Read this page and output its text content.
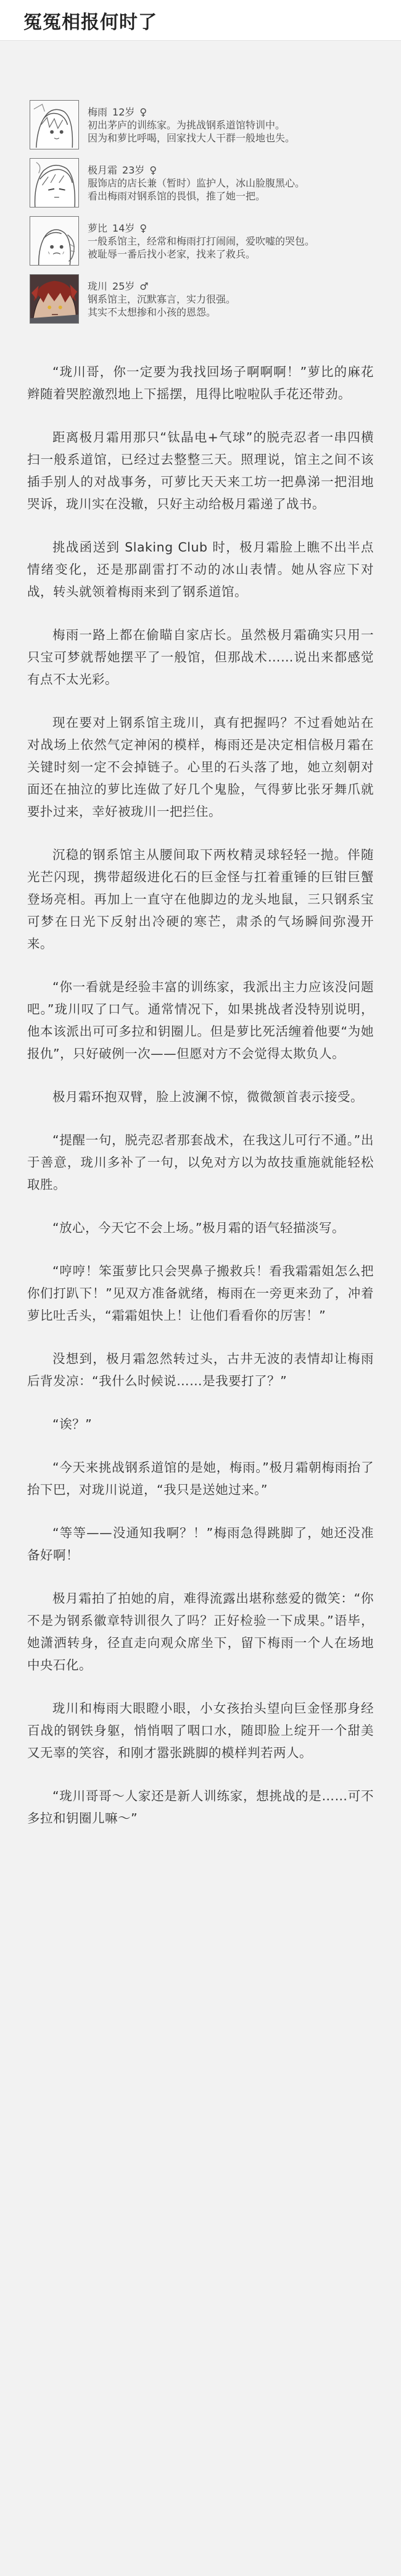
冤冤相报何时了
梅雨 12岁 ♀
初出茅庐的训练家。为挑战钢系道馆特训中。
因为和萝比呼喝，回家找大人干群一般地也失。
极月霜 23岁 ♀
服饰店的店长兼（暂时）监护人，冰山脸腹黑心。
看出梅雨对钢系馆的畏惧，推了她一把。
萝比 14岁 ♀
一般系馆主，经常和梅雨打打闹闹，爱吹嘘的哭包。
被耻辱一番后找小老家，找来了救兵。
珑川 25岁 ♂
钢系馆主，沉默寡言，实力很强。
其实不太想掺和小孩的恩怨。

“珑川哥，你一定要为我找回场子啊啊啊！”萝比的麻花辫随着哭腔激烈地上下摇摆，甩得比啦啦队手花还带劲。

距离极月霜用那只“钛晶电+气球”的脱壳忍者一串四横扫一般系道馆，已经过去整整三天。照理说，馆主之间不该插手别人的对战事务，可萝比天天来工坊一把鼻涕一把泪地哭诉，珑川实在没辙，只好主动给极月霜递了战书。

挑战函送到 Slaking Club 时，极月霜脸上瞧不出半点情绪变化，还是那副雷打不动的冰山表情。她从容应下对战，转头就领着梅雨来到了钢系道馆。

梅雨一路上都在偷瞄自家店长。虽然极月霜确实只用一只宝可梦就帮她摆平了一般馆，但那战术……说出来都感觉有点不太光彩。

现在要对上钢系馆主珑川，真有把握吗？不过看她站在对战场上依然气定神闲的模样，梅雨还是决定相信极月霜在关键时刻一定不会掉链子。心里的石头落了地，她立刻朝对面还在抽泣的萝比连做了好几个鬼脸，气得萝比张牙舞爪就要扑过来，幸好被珑川一把拦住。

沉稳的钢系馆主从腰间取下两枚精灵球轻轻一抛。伴随光芒闪现，携带超级进化石的巨金怪与扛着重锤的巨钳巨蟹登场亮相。再加上一直守在他脚边的龙头地鼠，三只钢系宝可梦在日光下反射出冷硬的寒芒，肃杀的气场瞬间弥漫开来。

“你一看就是经验丰富的训练家，我派出主力应该没问题吧。”珑川叹了口气。通常情况下，如果挑战者没特别说明，他本该派出可可多拉和钥圈儿。但是萝比死活缠着他要“为她报仇”，只好破例一次——但愿对方不会觉得太欺负人。

极月霜环抱双臂，脸上波澜不惊，微微颔首表示接受。

“提醒一句，脱壳忍者那套战术，在我这儿可行不通。”出于善意，珑川多补了一句，以免对方以为故技重施就能轻松取胜。

“放心，今天它不会上场。”极月霜的语气轻描淡写。

“哼哼！笨蛋萝比只会哭鼻子搬救兵！看我霜霜姐怎么把你们打趴下！”见双方准备就绪，梅雨在一旁更来劲了，冲着萝比吐舌头，“霜霜姐快上！让他们看看你的厉害！”

没想到，极月霜忽然转过头，古井无波的表情却让梅雨后背发凉：“我什么时候说……是我要打了？”

“诶？”

“今天来挑战钢系道馆的是她，梅雨。”极月霜朝梅雨抬了抬下巴，对珑川说道，“我只是送她过来。”

“等等——没通知我啊？！”梅雨急得跳脚了，她还没准备好啊！

极月霜拍了拍她的肩，难得流露出堪称慈爱的微笑：“你不是为钢系徽章特训很久了吗？正好检验一下成果。”语毕，她潇洒转身，径直走向观众席坐下，留下梅雨一个人在场地中央石化。

珑川和梅雨大眼瞪小眼，小女孩抬头望向巨金怪那身经百战的钢铁身躯，悄悄咽了咽口水，随即脸上绽开一个甜美又无辜的笑容，和刚才嚣张跳脚的模样判若两人。

“珑川哥哥～人家还是新人训练家，想挑战的是……可不多拉和钥圈儿嘛～”
